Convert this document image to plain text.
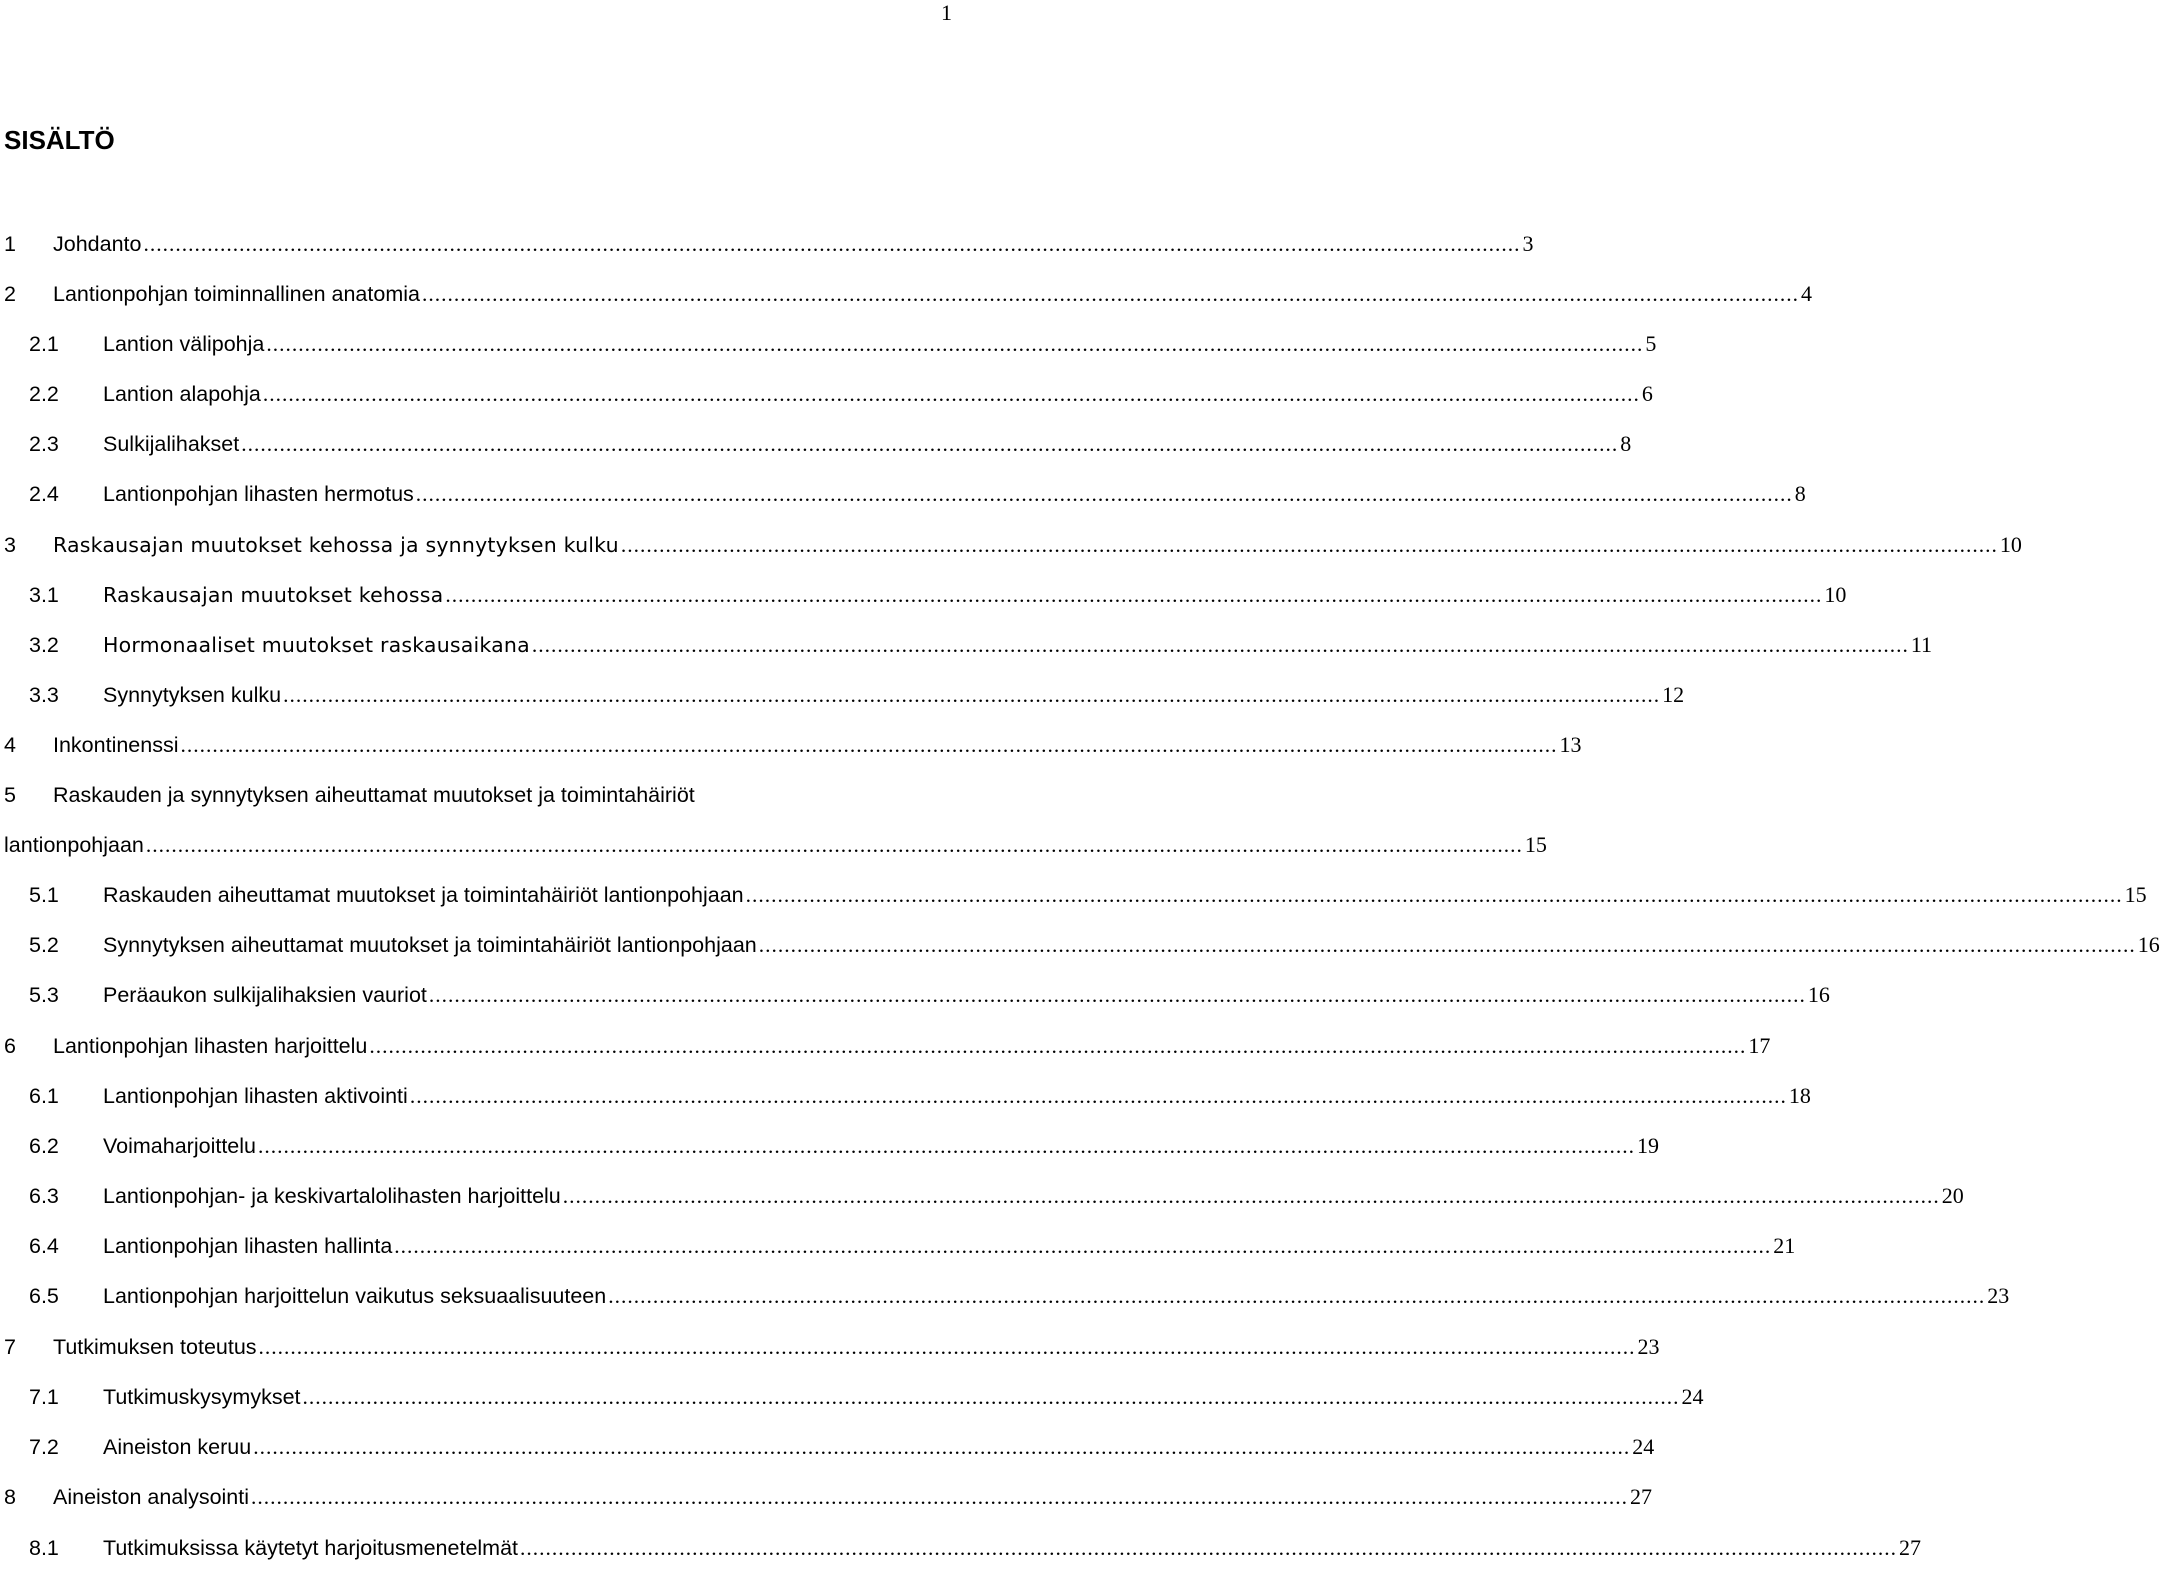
1
SISÄLTÖ
1	Johdanto ........................................................................................................................................................................................................................ 3
2	Lantionpohjan toiminnallinen anatomia ........................................................................................................................................................................................................................ 4
2.1	Lantion välipohja ........................................................................................................................................................................................................................ 5
2.2	Lantion alapohja ........................................................................................................................................................................................................................ 6
2.3	Sulkijalihakset ........................................................................................................................................................................................................................ 8
2.4	Lantionpohjan lihasten hermotus ........................................................................................................................................................................................................................ 8
3	Raskausajan muutokset kehossa ja synnytyksen kulku ........................................................................................................................................................................................................................ 10
3.1	Raskausajan muutokset kehossa ........................................................................................................................................................................................................................ 10
3.2	Hormonaaliset muutokset raskausaikana ........................................................................................................................................................................................................................ 11
3.3	Synnytyksen kulku ........................................................................................................................................................................................................................ 12
4	Inkontinenssi ........................................................................................................................................................................................................................ 13
5	Raskauden ja synnytyksen aiheuttamat muutokset ja toimintahäiriöt
lantionpohjaan ........................................................................................................................................................................................................................ 15
5.1	Raskauden aiheuttamat muutokset ja toimintahäiriöt lantionpohjaan ........................................................................................................................................................................................................................ 15
5.2	Synnytyksen aiheuttamat muutokset ja toimintahäiriöt lantionpohjaan ........................................................................................................................................................................................................................ 16
5.3	Peräaukon sulkijalihaksien vauriot ........................................................................................................................................................................................................................ 16
6	Lantionpohjan lihasten harjoittelu ........................................................................................................................................................................................................................ 17
6.1	Lantionpohjan lihasten aktivointi ........................................................................................................................................................................................................................ 18
6.2	Voimaharjoittelu ........................................................................................................................................................................................................................ 19
6.3	Lantionpohjan- ja keskivartalolihasten harjoittelu ........................................................................................................................................................................................................................ 20
6.4	Lantionpohjan lihasten hallinta ........................................................................................................................................................................................................................ 21
6.5	Lantionpohjan harjoittelun vaikutus seksuaalisuuteen ........................................................................................................................................................................................................................ 23
7	Tutkimuksen toteutus ........................................................................................................................................................................................................................ 23
7.1	Tutkimuskysymykset ........................................................................................................................................................................................................................ 24
7.2	Aineiston keruu ........................................................................................................................................................................................................................ 24
8	Aineiston analysointi ........................................................................................................................................................................................................................ 27
8.1	Tutkimuksissa käytetyt harjoitusmenetelmät ........................................................................................................................................................................................................................ 27
